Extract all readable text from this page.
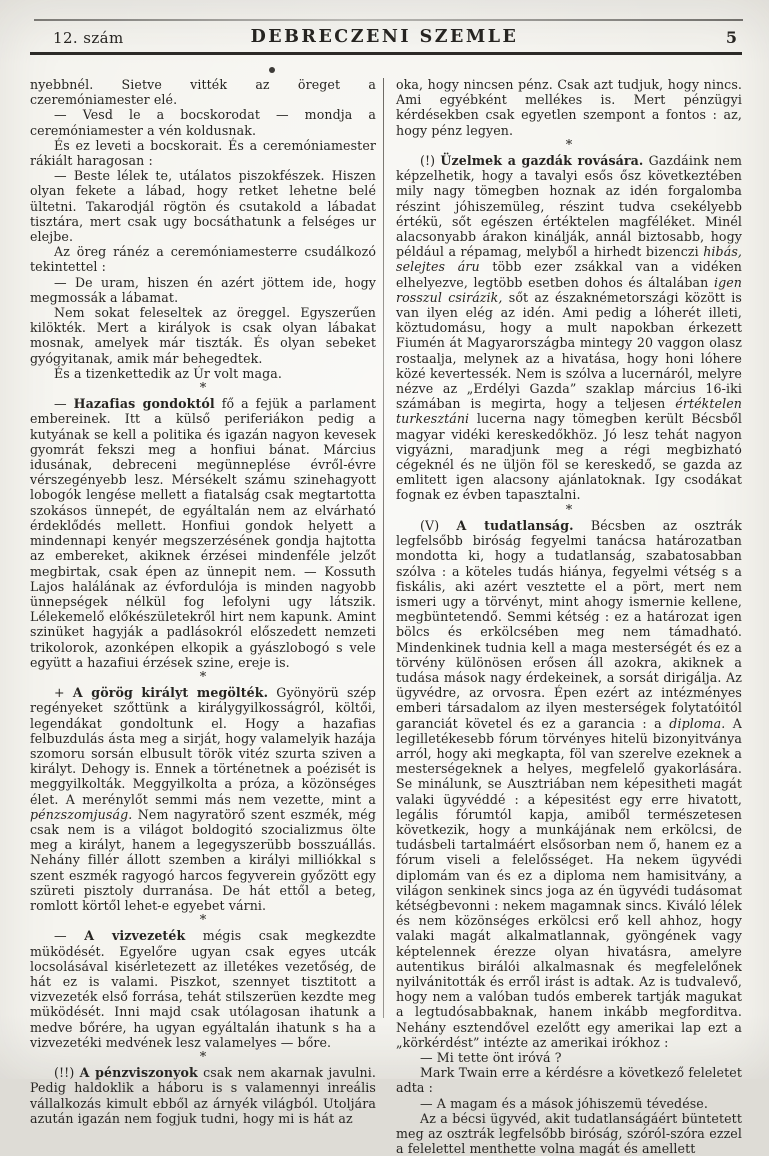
12. szám	DEBRECZENI SZEMLE	5

nyebbnél. Sietve vitték az öreget a czeremóniamester elé.

— Vesd le a bocskorodat — mondja a ceremóniamester a vén koldusnak.

És ez leveti a bocskorait. És a ceremóniamester rákiált haragosan :

— Beste lélek te, utálatos piszokfészek. Hiszen olyan fekete a lábad, hogy retket lehetne belé ültetni. Takarodjál rögtön és csutakold a lábadat tisztára, mert csak ugy bocsáthatunk a felséges ur elejbe.

Az öreg ránéz a ceremóniamesterre csudálkozó tekintettel :

— De uram, hiszen én azért jöttem ide, hogy megmossák a lábamat.

Nem sokat feleseltek az öreggel. Egyszerűen kilökték. Mert a királyok is csak olyan lábakat mosnak, amelyek már tiszták. És olyan sebeket gyógyitanak, amik már behegedtek.

És a tizenkettedik az Úr volt maga.

*

— Hazafias gondoktól fő a fejük a parlament embereinek. Itt a külső periferiákon pedig a kutyának se kell a politika és igazán nagyon kevesek gyomrát fekszi meg a honfiui bánat. Március idusának, debreceni megünneplése évről-évre vérszegényebb lesz. Mérsékelt számu szinehagyott lobogók lengése mellett a fiatalság csak megtartotta szokásos ünnepét, de egyáltalán nem az elvárható érdeklődés mellett. Honfiui gondok helyett a mindennapi kenyér megszerzésének gondja hajtotta az embereket, akiknek érzései mindenféle jelzőt megbirtak, csak épen az ünnepit nem. — Kossuth Lajos halálának az évfordulója is minden nagyobb ünnepségek nélkül fog lefolyni ugy látszik. Lélekemelő előkészületekről hirt nem kapunk. Amint szinüket hagyják a padlásokról előszedett nemzeti trikolorok, azonképen elkopik a gyászlobogó s vele együtt a hazafiui érzések szine, ereje is.

*

+ A görög királyt megölték. Gyönyörü szép regényeket szőttünk a királygyilkosságról, költői, legendákat gondoltunk el. Hogy a hazafias felbuzdulás ásta meg a sirját, hogy valamelyik hazája szomoru sorsán elbusult török vitéz szurta sziven a királyt. Dehogy is. Ennek a történetnek a poézisét is meggyilkolták. Meggyilkolta a próza, a közönséges élet. A merénylőt semmi más nem vezette, mint a pénzszomjuság. Nem nagyratörő szent eszmék, még csak nem is a világot boldogitó szocializmus ölte meg a királyt, hanem a legegyszerübb bosszuállás. Nehány fillér állott szemben a királyi milliókkal s szent eszmék ragyogó harcos fegyverein győzött egy szüreti pisztoly durranása. De hát ettől a beteg, romlott körtől lehet-e egyebet várni.

*

— A vizvezeték mégis csak megkezdte müködését. Egyelőre ugyan csak egyes utcák locsolásával kisérletezett az illetékes vezetőség, de hát ez is valami. Piszkot, szennyet tisztitott a vizvezeték első forrása, tehát stilszerüen kezdte meg müködését. Inni majd csak utólagosan ihatunk a medve bőrére, ha ugyan egyáltalán ihatunk s ha a vizvezetéki medvének lesz valamelyes — bőre.

*

(!!) A pénzviszonyok csak nem akarnak javulni. Pedig haldoklik a háboru is s valamennyi inreális vállalkozás kimult ebből az árnyék világból. Utoljára azután igazán nem fogjuk tudni, hogy mi is hát az

oka, hogy nincsen pénz. Csak azt tudjuk, hogy nincs. Ami egyébként mellékes is. Mert pénzügyi kérdésekben csak egyetlen szempont a fontos : az, hogy pénz legyen.

*

(!) Üzelmek a gazdák rovására. Gazdáink nem képzelhetik, hogy a tavalyi esős ősz következtében mily nagy tömegben hoznak az idén forgalomba részint jóhiszemüleg, részint tudva csekélyebb értékü, sőt egészen értéktelen magféléket. Minél alacsonyabb árakon kinálják, annál biztosabb, hogy például a répamag, melyből a hirhedt bizenczi hibás, selejtes áru több ezer zsákkal van a vidéken elhelyezve, legtöbb esetben dohos és általában igen rosszul csirázik, sőt az északnémetországi között is van ilyen elég az idén. Ami pedig a lóherét illeti, köztudomásu, hogy a mult napokban érkezett Fiumén át Magyarországba mintegy 20 vaggon olasz rostaalja, melynek az a hivatása, hogy honi lóhere közé kevertessék. Nem is szólva a lucernáról, melyre nézve az „Erdélyi Gazda” szaklap március 16-iki számában is megirta, hogy a teljesen értéktelen turkesztáni lucerna nagy tömegben került Bécsből magyar vidéki kereskedőkhöz. Jó lesz tehát nagyon vigyázni, maradjunk meg a régi megbizható cégeknél és ne üljön föl se kereskedő, se gazda az emlitett igen alacsony ajánlatoknak. Igy csodákat fognak ez évben tapasztalni.

*

(V) A tudatlanság. Bécsben az osztrák legfelsőbb biróság fegyelmi tanácsa határozatban mondotta ki, hogy a tudatlanság, szabatosabban szólva : a köteles tudás hiánya, fegyelmi vétség s a fiskális, aki azért vesztette el a pört, mert nem ismeri ugy a törvényt, mint ahogy ismernie kellene, megbüntetendő. Semmi kétség : ez a határozat igen bölcs és erkölcsében meg nem támadható. Mindenkinek tudnia kell a maga mesterségét és ez a törvény különösen erősen áll azokra, akiknek a tudása mások nagy érdekeinek, a sorsát dirigálja. Az ügyvédre, az orvosra. Épen ezért az intézményes emberi társadalom az ilyen mesterségek folytatóitól garanciát követel és ez a garancia : a diploma. A legilletékesebb fórum törvényes hitelü bizonyitványa arról, hogy aki megkapta, föl van szerelve ezeknek a mesterségeknek a helyes, megfelelő gyakorlására. Se minálunk, se Ausztriában nem képesitheti magát valaki ügyvéddé : a képesitést egy erre hivatott, legális fórumtól kapja, amiből természetesen következik, hogy a munkájának nem erkölcsi, de tudásbeli tartalmáért elsősorban nem ő, hanem ez a fórum viseli a felelősséget. Ha nekem ügyvédi diplomám van és ez a diploma nem hamisitvány, a világon senkinek sincs joga az én ügyvédi tudásomat kétségbevonni : nekem magamnak sincs. Kiváló lélek és nem közönséges erkölcsi erő kell ahhoz, hogy valaki magát alkalmatlannak, gyöngének vagy képtelennek érezze olyan hivatásra, amelyre autentikus birálói alkalmasnak és megfelelőnek nyilvánitották és erről irást is adtak. Az is tudvalevő, hogy nem a valóban tudós emberek tartják magukat a legtudósabbaknak, hanem inkább megforditva. Nehány esztendővel ezelőtt egy amerikai lap ezt a „körkérdést” intézte az amerikai irókhoz :

— Mi tette önt iróvá ?

Mark Twain erre a kérdésre a következő feleletet adta :

— A magam és a mások jóhiszemü tévedése.

Az a bécsi ügyvéd, akit tudatlanságáért büntetett meg az osztrák legfelsőbb biróság, szóról-szóra ezzel a felelettel menthette volna magát és amellett
